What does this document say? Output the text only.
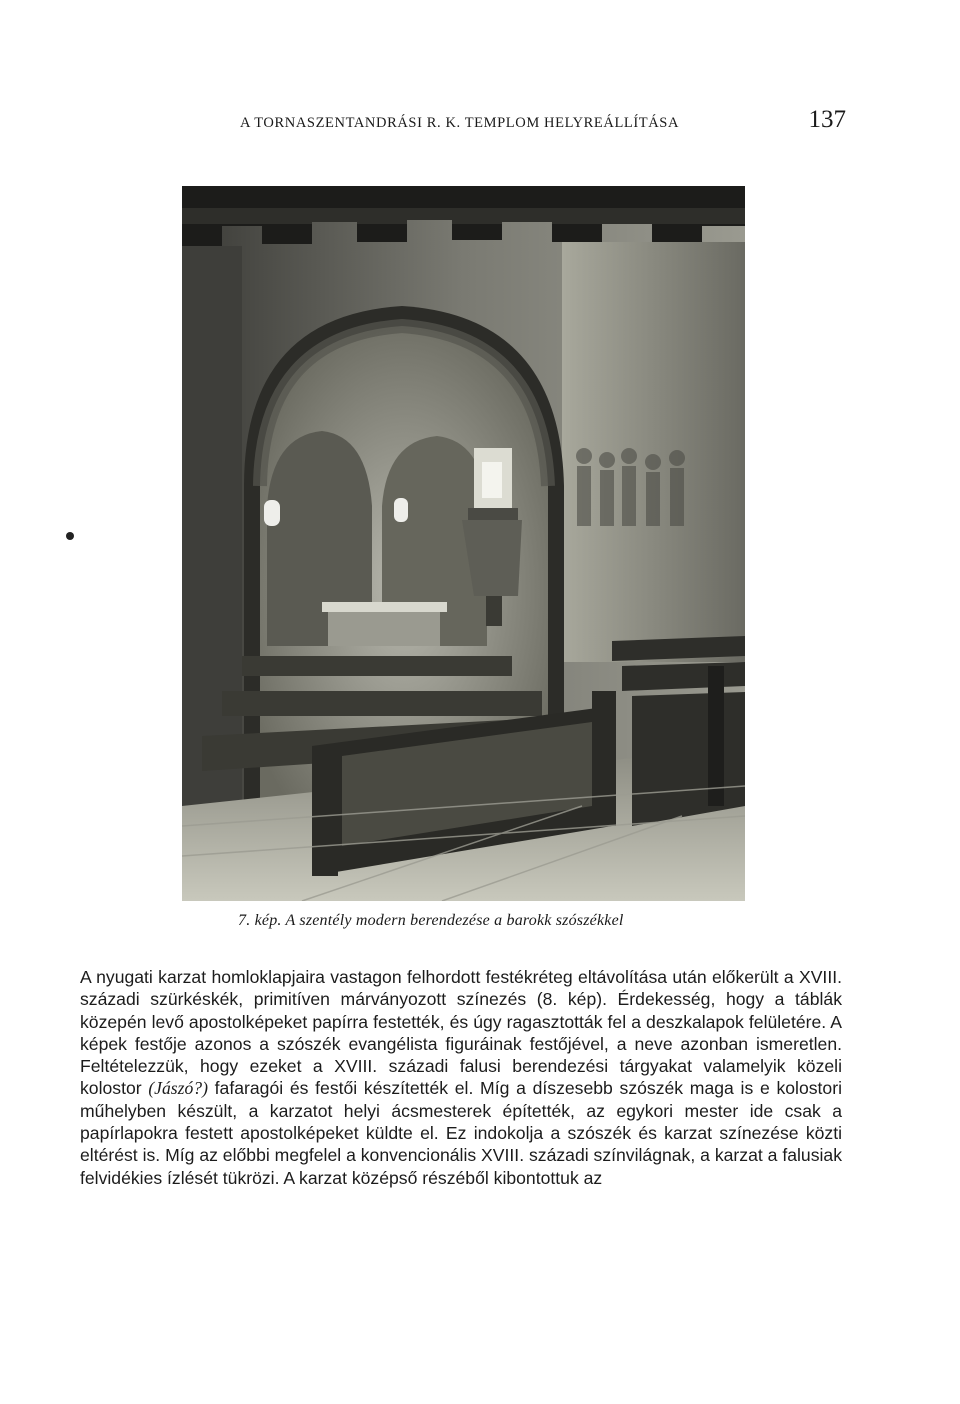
A TORNASZENTANDRÁSI R. K. TEMPLOM HELYREÁLLÍTÁSA	137
7. kép. A szentély modern berendezése a barokk szószékkel

A nyugati karzat homloklapjaira vastagon felhordott festékréteg eltávolítása után előkerült a XVIII. századi szürkéskék, primitíven márványozott színezés (8. kép). Érdekesség, hogy a táblák közepén levő apostolképeket papírra festették, és úgy ragasztották fel a deszkalapok felületére. A képek festője azonos a szószék evangélista figuráinak festőjével, a neve azonban ismeretlen. Feltételezzük, hogy ezeket a XVIII. századi falusi berendezési tárgyakat valamelyik közeli kolostor (Jászó?) fafaragói és festői készítették el. Míg a díszesebb szószék maga is e kolostori műhelyben készült, a karzatot helyi ácsmesterek építették, az egykori mester ide csak a papírlapokra festett apostolképeket küldte el. Ez indokolja a szószék és karzat színezése közti eltérést is. Míg az előbbi megfelel a konvencionális XVIII. századi színvilágnak, a karzat a falusiak felvidékies ízlését tükrözi. A karzat középső részéből kibontottuk az
